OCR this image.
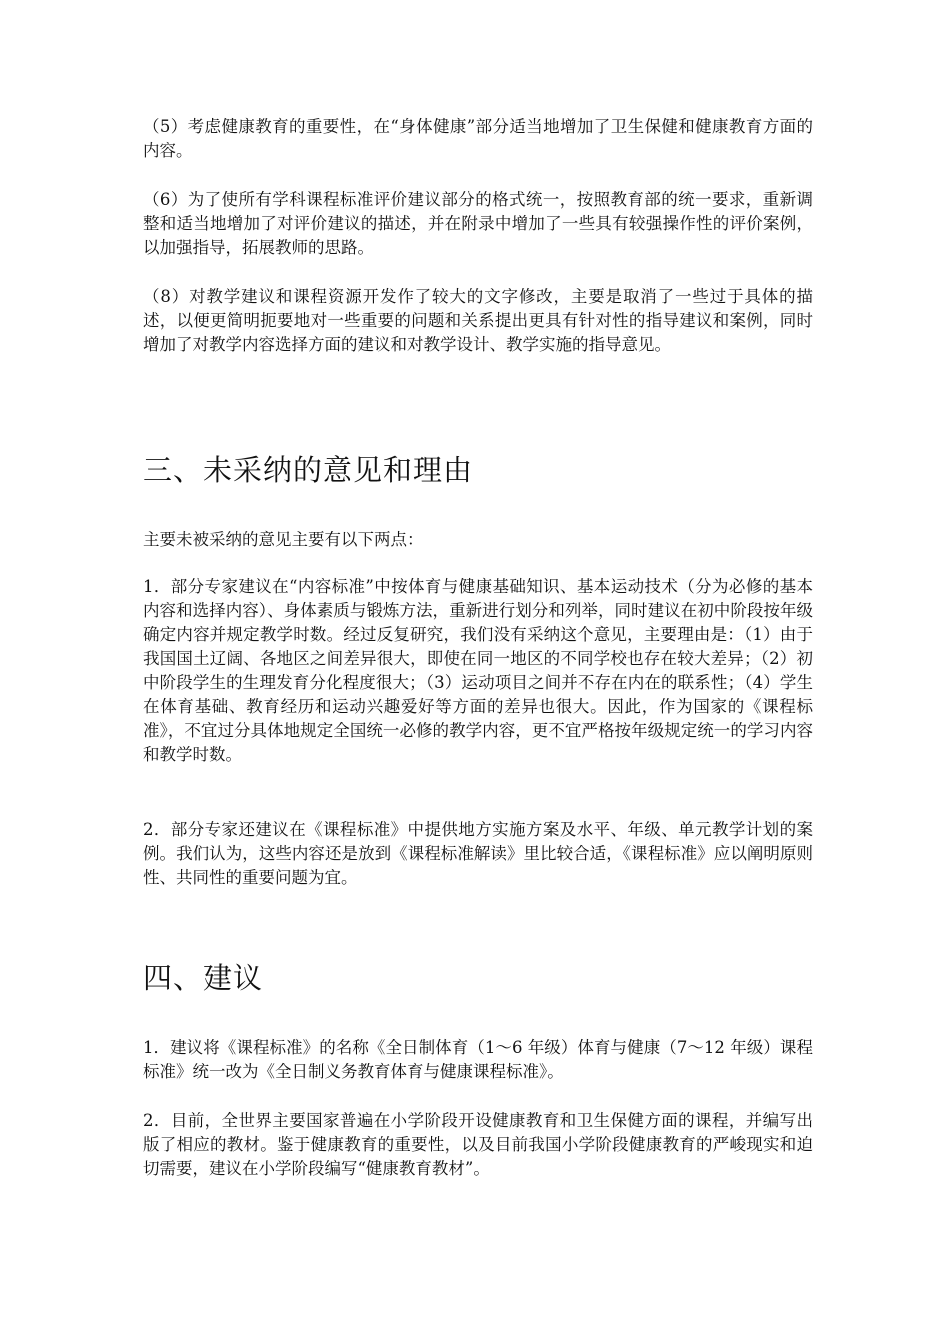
（5）考虑健康教育的重要性，在“身体健康”部分适当地增加了卫生保健和健康教育方面的内容。

（6）为了使所有学科课程标准评价建议部分的格式统一，按照教育部的统一要求，重新调整和适当地增加了对评价建议的描述，并在附录中增加了一些具有较强操作性的评价案例，以加强指导，拓展教师的思路。

（8）对教学建议和课程资源开发作了较大的文字修改，主要是取消了一些过于具体的描述，以便更简明扼要地对一些重要的问题和关系提出更具有针对性的指导建议和案例，同时增加了对教学内容选择方面的建议和对教学设计、教学实施的指导意见。

三、未采纳的意见和理由

主要未被采纳的意见主要有以下两点：

1．部分专家建议在“内容标准”中按体育与健康基础知识、基本运动技术（分为必修的基本内容和选择内容）、身体素质与锻炼方法，重新进行划分和列举，同时建议在初中阶段按年级确定内容并规定教学时数。经过反复研究，我们没有采纳这个意见，主要理由是：（1）由于我国国土辽阔、各地区之间差异很大，即使在同一地区的不同学校也存在较大差异；（2）初中阶段学生的生理发育分化程度很大；（3）运动项目之间并不存在内在的联系性；（4）学生在体育基础、教育经历和运动兴趣爱好等方面的差异也很大。因此，作为国家的《课程标准》，不宜过分具体地规定全国统一必修的教学内容，更不宜严格按年级规定统一的学习内容和教学时数。

2．部分专家还建议在《课程标准》中提供地方实施方案及水平、年级、单元教学计划的案例。我们认为，这些内容还是放到《课程标准解读》里比较合适，《课程标准》应以阐明原则性、共同性的重要问题为宜。

四、建议

1．建议将《课程标准》的名称《全日制体育（1～6 年级）体育与健康（7～12 年级）课程标准》统一改为《全日制义务教育体育与健康课程标准》。

2．目前，全世界主要国家普遍在小学阶段开设健康教育和卫生保健方面的课程，并编写出版了相应的教材。鉴于健康教育的重要性，以及目前我国小学阶段健康教育的严峻现实和迫切需要，建议在小学阶段编写“健康教育教材”。
